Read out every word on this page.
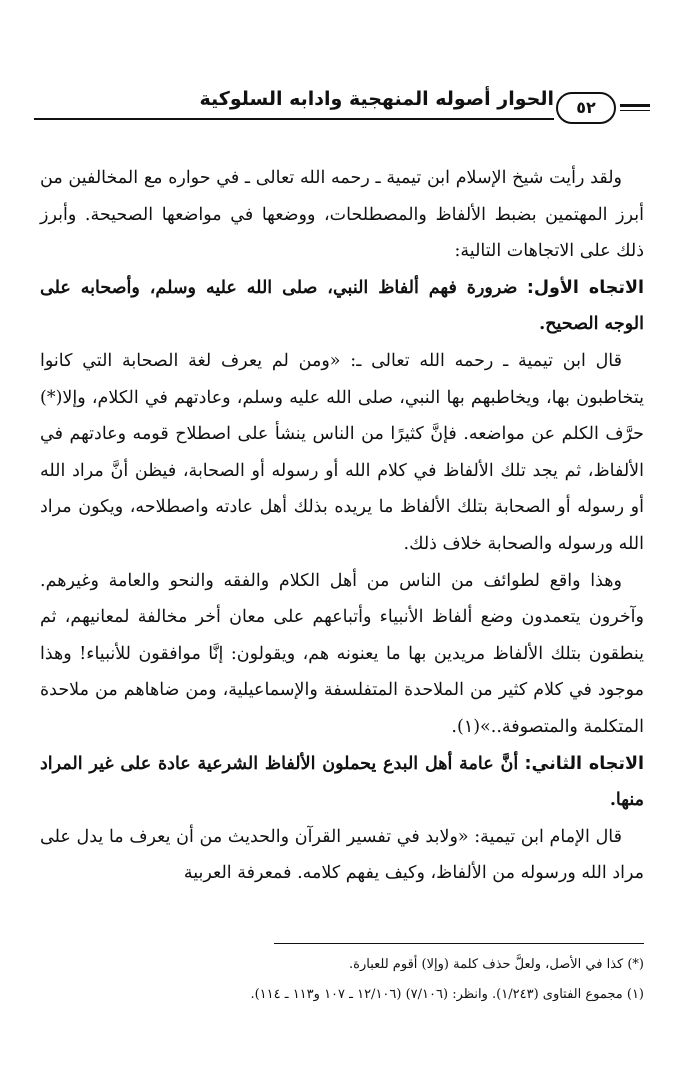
الحوار أصوله المنهجية وادابه السلوكية	٥٢

ولقد رأيت شيخ الإسلام ابن تيمية ـ رحمه الله تعالى ـ في حواره مع المخالفين من أبرز المهتمين بضبط الألفاظ والمصطلحات، ووضعها في مواضعها الصحيحة. وأبرز ذلك على الاتجاهات التالية:

الاتجاه الأول: ضرورة فهم ألفاظ النبي، صلى الله عليه وسلم، وأصحابه على الوجه الصحيح.

قال ابن تيمية ـ رحمه الله تعالى ـ: «ومن لم يعرف لغة الصحابة التي كانوا يتخاطبون بها، ويخاطبهم بها النبي، صلى الله عليه وسلم، وعادتهم في الكلام، وإلا(*) حرَّف الكلم عن مواضعه. فإنَّ كثيرًا من الناس ينشأ على اصطلاح قومه وعادتهم في الألفاظ، ثم يجد تلك الألفاظ في كلام الله أو رسوله أو الصحابة، فيظن أنَّ مراد الله أو رسوله أو الصحابة بتلك الألفاظ ما يريده بذلك أهل عادته واصطلاحه، ويكون مراد الله ورسوله والصحابة خلاف ذلك.

وهذا واقع لطوائف من الناس من أهل الكلام والفقه والنحو والعامة وغيرهم. وآخرون يتعمدون وضع ألفاظ الأنبياء وأتباعهم على معان أخر مخالفة لمعانيهم، ثم ينطقون بتلك الألفاظ مريدين بها ما يعنونه هم، ويقولون: إنَّا موافقون للأنبياء! وهذا موجود في كلام كثير من الملاحدة المتفلسفة والإسماعيلية، ومن ضاهاهم من ملاحدة المتكلمة والمتصوفة..»(١).

الاتجاه الثاني: أنَّ عامة أهل البدع يحملون الألفاظ الشرعية عادة على غير المراد منها.

قال الإمام ابن تيمية: «ولابد في تفسير القرآن والحديث من أن يعرف ما يدل على مراد الله ورسوله من الألفاظ، وكيف يفهم كلامه. فمعرفة العربية

(*) كذا في الأصل، ولعلَّ حذف كلمة (وإلا) أقوم للعبارة.

(١) مجموع الفتاوى (١/٢٤٣). وانظر: (٧/١٠٦) (١٢/١٠٦ ـ ١٠٧ و١١٣ ـ ١١٤).
